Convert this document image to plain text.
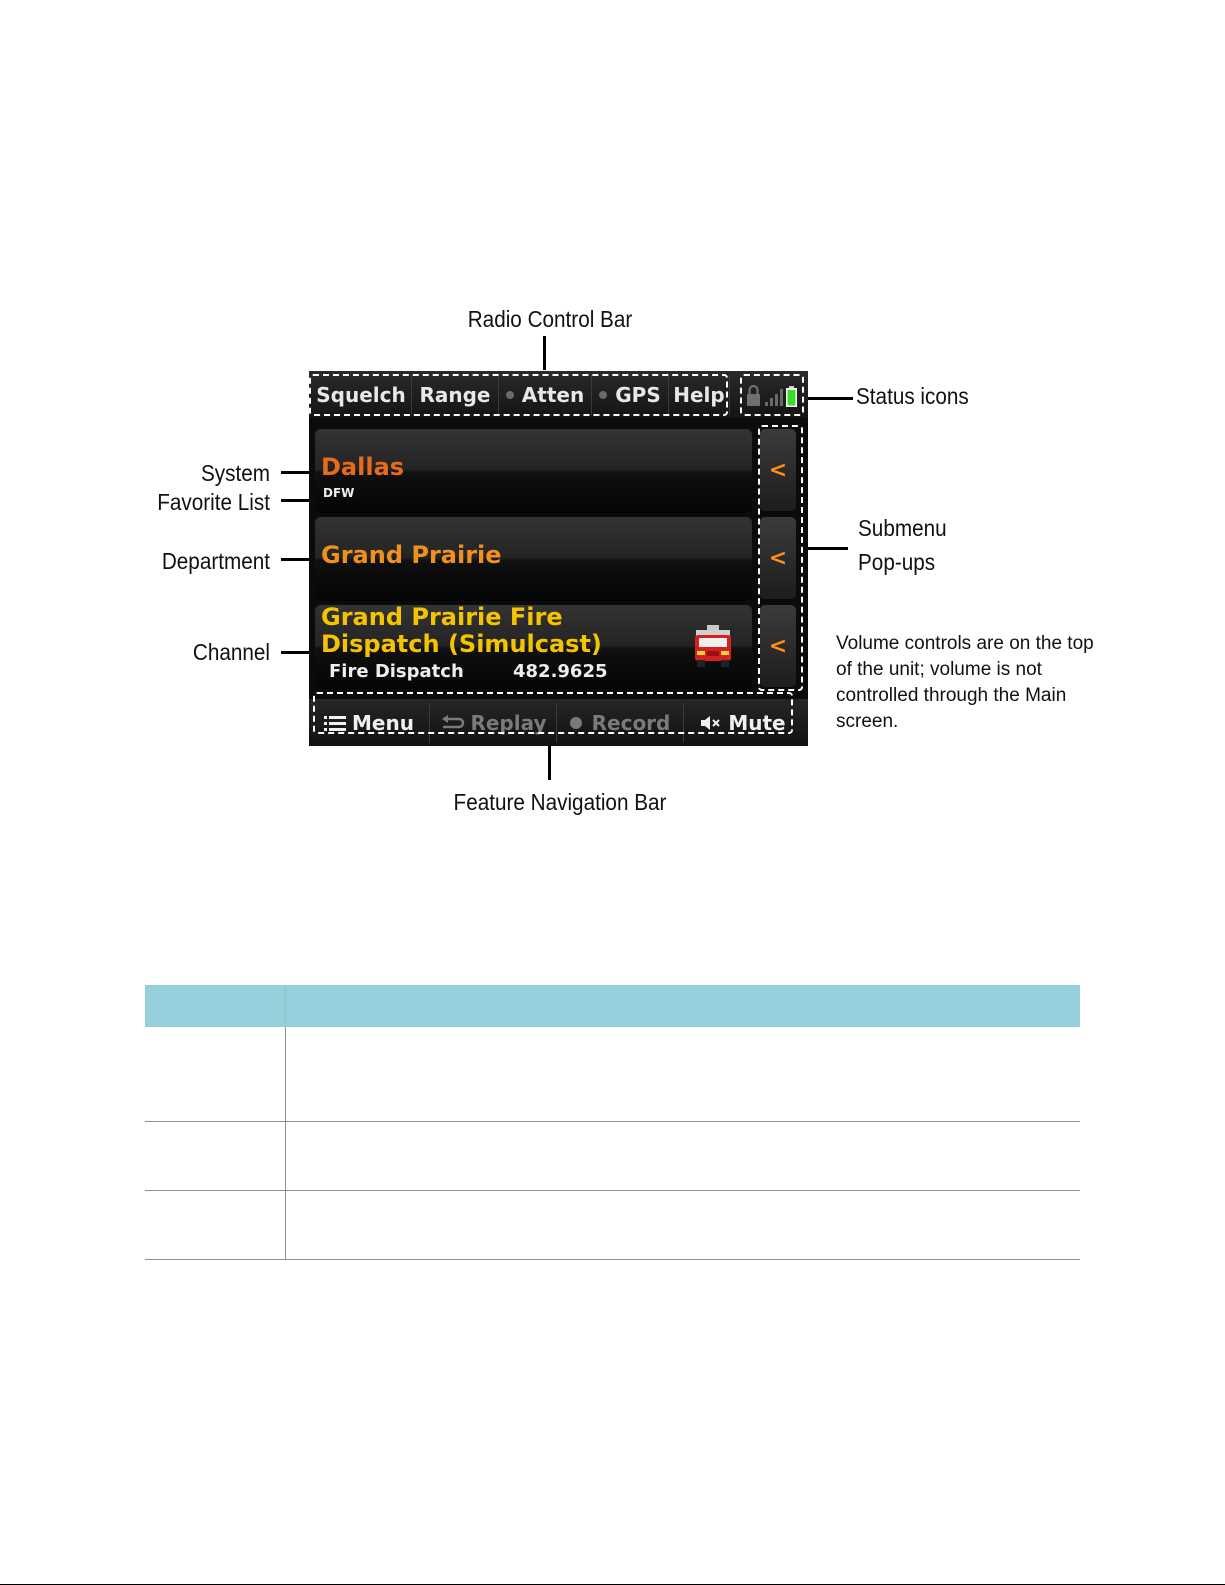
Radio Control Bar
Status icons
System
Favorite List
Department
Channel
Submenu
Pop-ups
Volume controls are on the top of the unit; volume is not controlled through the Main screen.
Squelch Range Atten GPS Help
Dallas
DFW
<
Grand Prairie	<
Grand Prairie Fire
Dispatch (Simulcast)
Fire Dispatch	482.9625
<
Menu	Replay Record	Mute
Feature Navigation Bar
